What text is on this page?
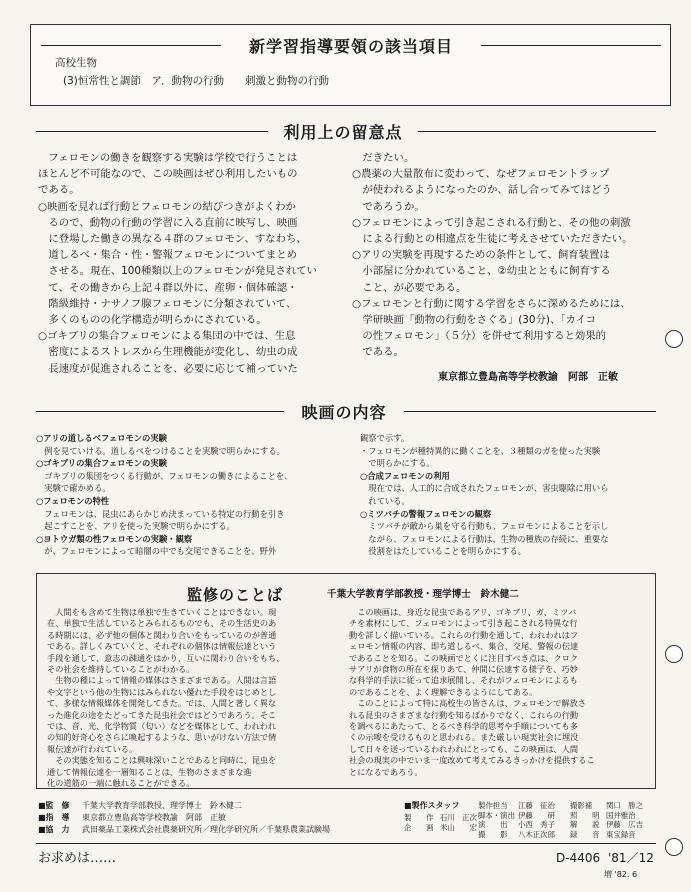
新学習指導要領の該当項目
高校生物
(3)恒常性と調節　ア．動物の行動　　刺激と動物の行動
利用上の留意点
　フェロモンの働きを観察する実験は学校で行うことは
ほとんど不可能なので、この映画はぜひ利用したいもの
である。
○映画を見れば行動とフェロモンの結びつきがよくわか
　るので、動物の行動の学習に入る直前に映写し、映画
　に登場した働きの異なる４群のフェロモン、すなわち、
　道しるべ・集合・性・警報フェロモンについてまとめ
　させる。現在、100種類以上のフェロモンが発見されてい
　て、その働きから上記４群以外に、産卵・個体確認・
　階級維持・ナサノフ腺フェロモンに分類されていて、
　多くのものの化学構造が明らかにされている。
○ゴキブリの集合フェロモンによる集団の中では、生息
　密度によるストレスから生理機能が変化し、幼虫の成
　長速度が促進されることを、必要に応じて補っていた
　だきたい。
○農薬の大量散布に変わって、なぜフェロモントラップ
　が使われるようになったのか、話し合ってみてはどう
　であろうか。
○フェロモンによって引き起こされる行動と、その他の刺激
　による行動との相違点を生徒に考えさせていただきたい。
○アリの実験を再現するための条件として、飼育装置は
　小部屋に分かれていること、②幼虫とともに飼育する
　こと、が必要である。
○フェロモンと行動に関する学習をさらに深めるためには、
　学研映画「動物の行動をさぐる」(30分)、「カイコ
　の性フェロモン」（５分）を併せて利用すると効果的
　である。
東京都立豊島高等学校教諭　阿部　正敏
映画の内容
○アリの道しるべフェロモンの実験
　例を見ていける。道しるべをつけることを実験で明らかにする。
○ゴキブリの集合フェロモンの実験
　ゴキブリの集団をつくる行動が、フェロモンの働きによることを、
　実験で確かめる。
○フェロモンの特性
　フェロモンは、昆虫にあらかじめ決まっている特定の行動を引き
　起こすことを、アリを使った実験で明らかにする。
○ヨトウガ類の性フェロモンの実験・観察
　が、フェロモンによって暗闇の中でも交尾できることを、野外
観察で示す。
・フェロモンが種特異的に働くことを、３種類のガを使った実験
　で明らかにする。
○合成フェロモンの利用
　現在では、人工的に合成されたフェロモンが、害虫駆除に用いら
　れている。
○ミツバチの警報フェロモンの観察
　ミツバチが敵から巣を守る行動も、フェロモンによることを示し
　ながら、フェロモンによる行動は、生物の種族の存続に、重要な
　役割をはたしていることを明らかにする。
監修のことば	千葉大学教育学部教授・理学博士　鈴木健二
　人間をも含めて生物は単独で生きていくことはできない。現
在、単独で生活しているとみられるものでも、その生活史のあ
る時期には、必ず他の個体と関わり合いをもっているのが普通
である。詳しくみていくと、それぞれの個体は情報伝達という
手段を通して、意志の疎通をはかり、互いに関わり合いをもち、
その社会を維持していることがわかる。
　生物の種によって情報の媒体はさまざまである。人間は言語
や文字という他の生物にはみられない優れた手段をはじめとし
て、多様な情報媒体を開発してきた。では、人間と著しく異な
った進化の途をたどってきた昆虫社会ではどうであろう。そこ
では、音、光、化学物質（匂い）などを媒体として、われわれ
の知的好奇心をさらに喚起するような、思いがけない方法で情
報伝達が行われている。
　その実態を知ることは興味深いことであると同時に、昆虫を
通して情報伝達を一層知ることは、生物のさまざまな進
化の道筋の一端に触れることができる。
　この映画は、身近な昆虫であるアリ、ゴキブリ、ガ、ミツバ
チを素材にして、フェロモンによって引き起こされる特異な行
動を詳しく描いている。これらの行動を通して、われわれはフ
ェロモン情報の内容、即ち道しるべ、集合、交尾、警報の伝達
であることを知る。この映画でとくに注目すべき点は、クロク
サアリが食物の所在を探りあて、仲間に伝達する様子を、巧妙
な科学的手法に従って追求展開し、それがフェロモンによるも
のであることを、よく理解できるようにしてある。
　このことによって特に高校生の皆さんは、フェロモンで解放さ
れる昆虫のさまざまな行動を知るばかりでなく、これらの行動
を調べるにあたって、とるべき科学的思考や手順についても多
くの示唆を受けるものと思われる。また厳しい現実社会に埋没
して日々を送っているわれわれにとっても、この映画は、人間
社会の現実の中でいま一度改めて考えてみるきっかけを提供するこ
とになるであろう。
■監　修 千葉大学教育学部教授、理学博士　鈴木健二
■指　導 東京都立豊島高等学校教諭　阿部　正敏
■協　力 武田薬品工業株式会社農薬研究所／理化学研究所／千葉県農業試験場
■製作スタッフ
製　　作
企　　画
石川　正次
米山　　宏
製作担当
脚本・演出
演　　出
撮　　影
江藤　征治
伊藤　　研
小西　秀子
八木正次郎
撮影補
照　　明
解　　説
録　　音
関口　勝之
国井雅治
伊藤　広吉
東宝録音
お求めは……	D-4406 '81／12
増 '82. 6
